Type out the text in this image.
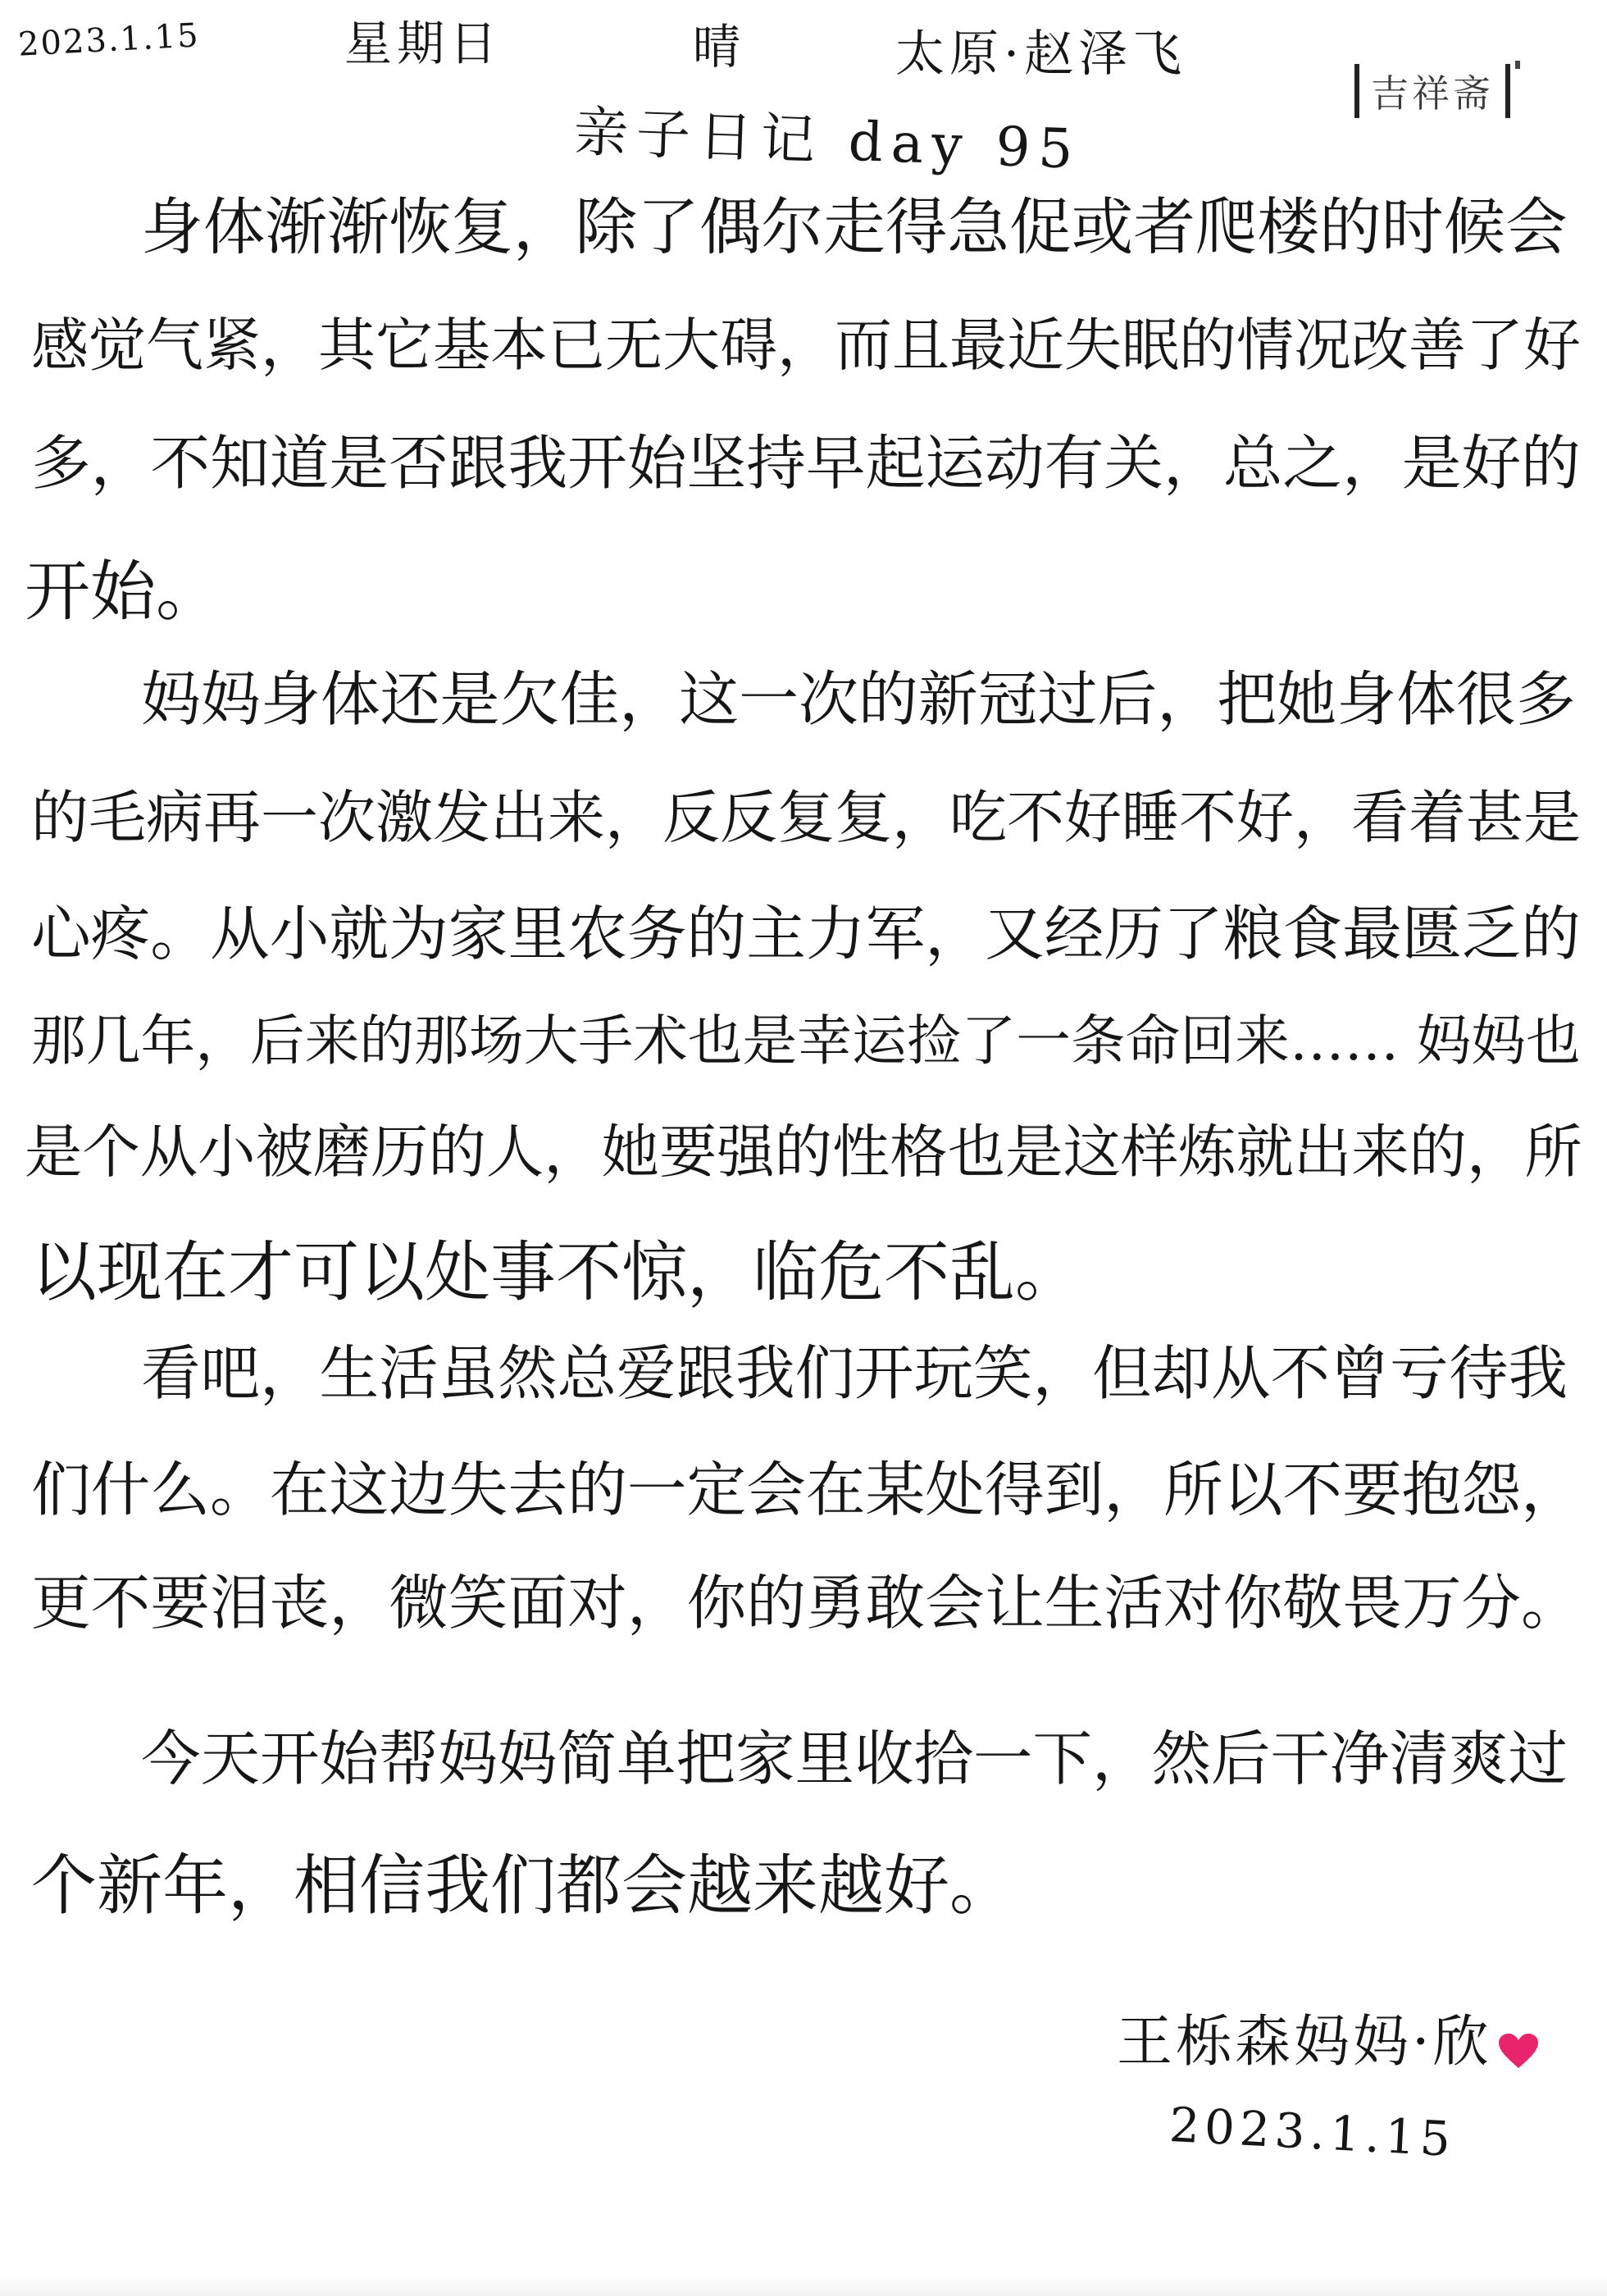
2023.1.15	星期日	晴	太原·赵泽飞
吉祥斋
亲子日记 day 95
身体渐渐恢复，除了偶尔走得急促或者爬楼的时候会
感觉气紧，其它基本已无大碍，而且最近失眠的情况改善了好
多，不知道是否跟我开始坚持早起运动有关，总之，是好的
开始。
妈妈身体还是欠佳，这一次的新冠过后，把她身体很多
的毛病再一次激发出来，反反复复，吃不好睡不好，看着甚是
心疼。从小就为家里农务的主力军，又经历了粮食最匮乏的
那几年，后来的那场大手术也是幸运捡了一条命回来…… 妈妈也
是个从小被磨历的人，她要强的性格也是这样炼就出来的，所
以现在才可以处事不惊，临危不乱。
看吧，生活虽然总爱跟我们开玩笑，但却从不曾亏待我
们什么。在这边失去的一定会在某处得到，所以不要抱怨，
更不要泪丧，微笑面对，你的勇敢会让生活对你敬畏万分。
今天开始帮妈妈简单把家里收拾一下，然后干净清爽过
个新年，相信我们都会越来越好。
王栎森妈妈·欣
2023.1.15
